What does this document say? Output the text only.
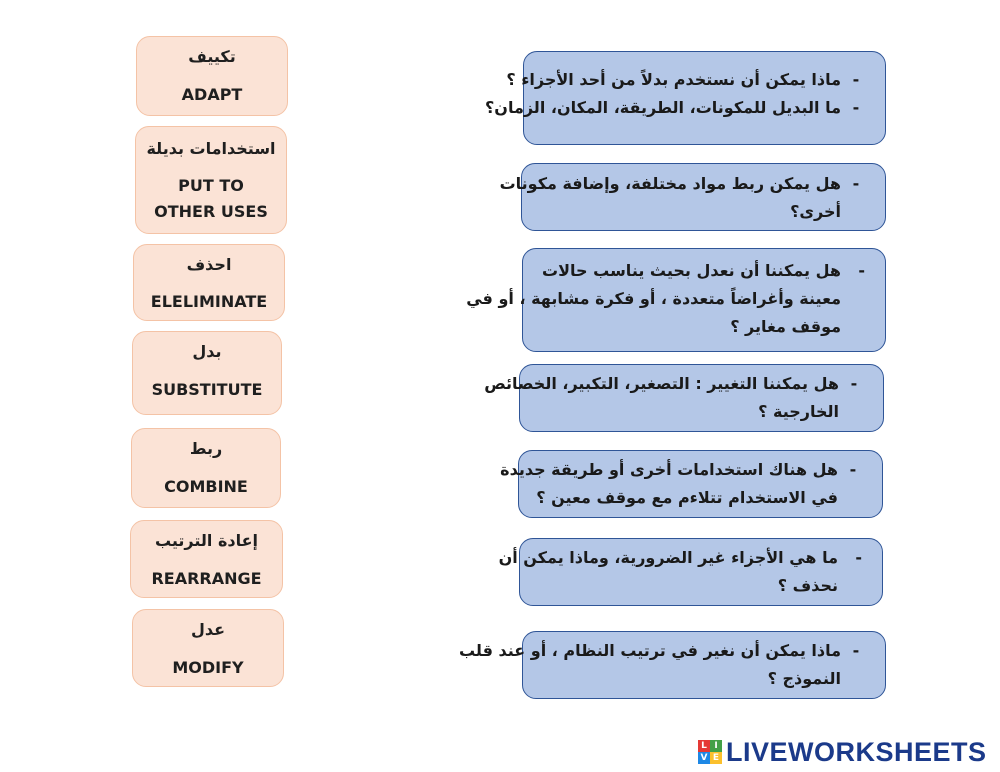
تكييف
ADAPT
استخدامات بديلة
PUT TO
OTHER USES
احذف
ELELIMINATE
بدل
SUBSTITUTE
ربط
COMBINE
إعادة الترتيب
REARRANGE
عدل
MODIFY
-ماذا يمكن أن نستخدم بدلاً من أحد الأجزاء ؟
-ما البديل للمكونات، الطريقة، المكان، الزمان؟
-هل يمكن ربط مواد مختلفة، وإضافة مكونات
أخرى؟
-هل يمكننا أن نعدل بحيث يناسب حالات
معينة وأغراضاً متعددة ، أو فكرة مشابهة ، أو في
موقف مغاير ؟
-هل يمكننا التغيير : التصغير، التكبير، الخصائص
الخارجية ؟
-هل هناك استخدامات أخرى أو طريقة جديدة
في الاستخدام تتلاءم مع موقف معين ؟
-ما هي الأجزاء غير الضرورية، وماذا يمكن أن
نحذف ؟
-ماذا يمكن أن نغير في ترتيب النظام ، أو عند قلب
النموذج ؟
L I
V E LIVEWORKSHEETS
